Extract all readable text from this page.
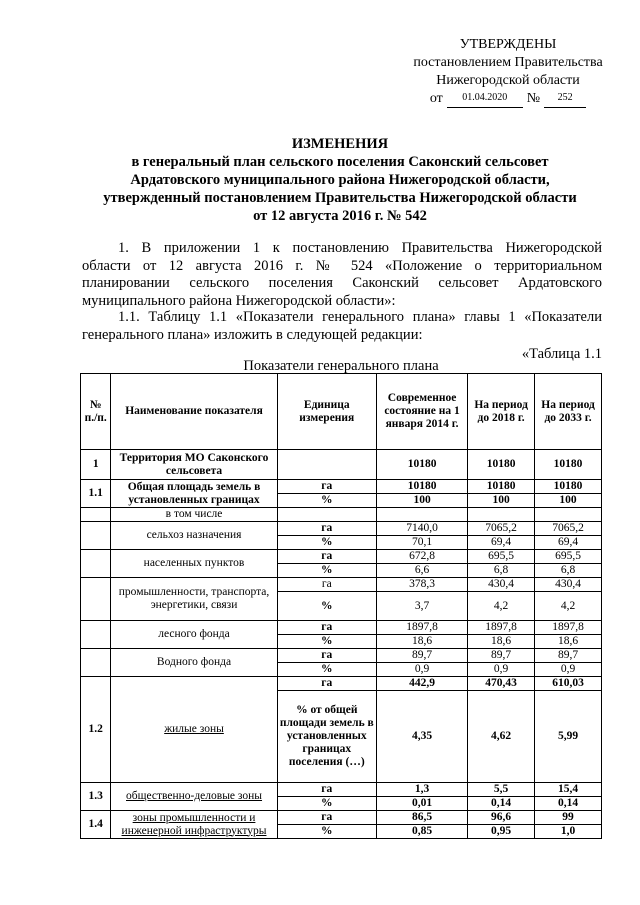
УТВЕРЖДЕНЫ
постановлением Правительства
Нижегородской области
от	01.04.2020	№	252
ИЗМЕНЕНИЯ
в генеральный план сельского поселения Саконский сельсовет
Ардатовского муниципального района Нижегородской области,
утвержденный постановлением Правительства Нижегородской области
от 12 августа 2016 г. № 542
1. В приложении 1 к постановлению Правительства Нижегородской
области от 12 августа 2016 г. № 524 «Положение о территориальном
планировании сельского поселения Саконский сельсовет Ардатовского
муниципального района Нижегородской области»:
1.1. Таблицу 1.1 «Показатели генерального плана» главы 1 «Показатели
генерального плана» изложить в следующей редакции:
«Таблица 1.1
Показатели генерального плана
№ п./п.	Наименование показателя	Единица измерения	Современное состояние на 1 января 2014 г.	На период до 2018 г.	На период до 2033 г.
1	Территория МО Саконского сельсовета		10180	10180	10180
1.1	Общая площадь земель в установленных границах	га	10180	10180	10180
		%	100	100	100
	в том числе				
	сельхоз назначения	га	7140,0	7065,2	7065,2
		%	70,1	69,4	69,4
	населенных пунктов	га	672,8	695,5	695,5
		%	6,6	6,8	6,8
	промышленности, транспорта, энергетики, связи	га	378,3	430,4	430,4
		%	3,7	4,2	4,2
	лесного фонда	га	1897,8	1897,8	1897,8
		%	18,6	18,6	18,6
	Водного фонда	га	89,7	89,7	89,7
		%	0,9	0,9	0,9
1.2	жилые зоны	га	442,9	470,43	610,03
		% от общей площади земель в установленных границах поселения (…)	4,35	4,62	5,99
1.3	общественно-деловые зоны	га	1,3	5,5	15,4
		%	0,01	0,14	0,14
1.4	зоны промышленности и инженерной инфраструктуры	га	86,5	96,6	99
		%	0,85	0,95	1,0
